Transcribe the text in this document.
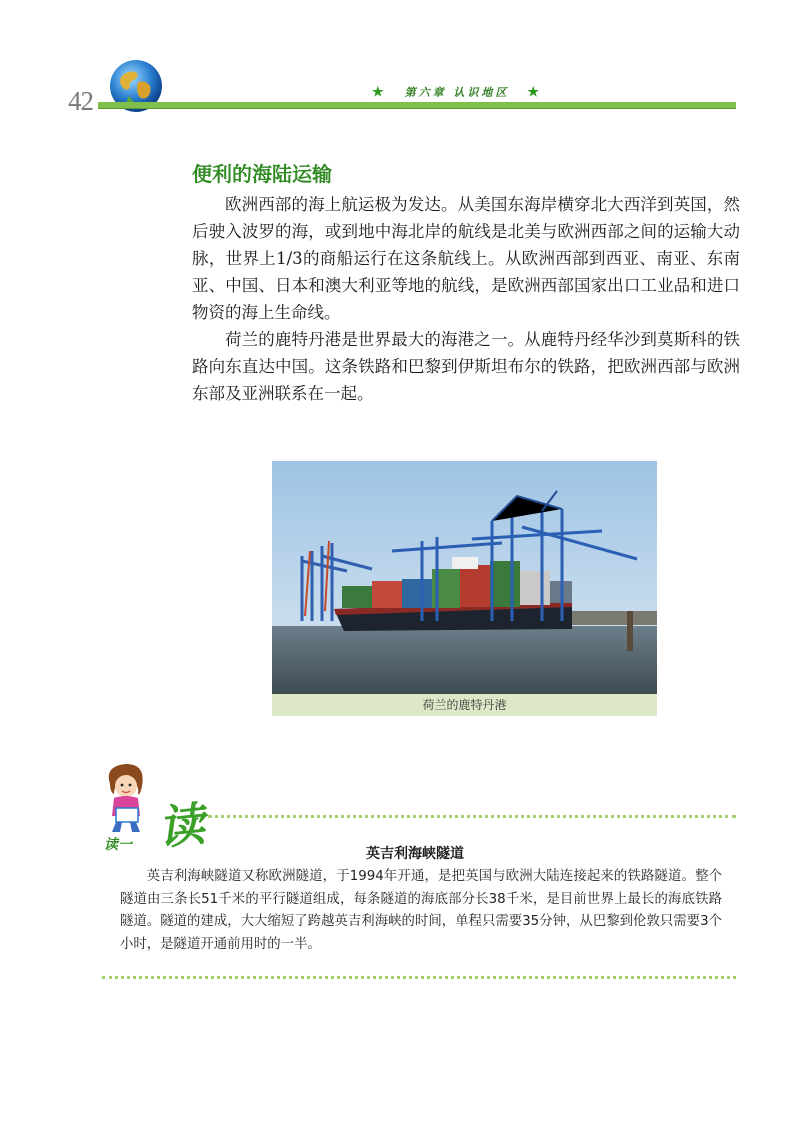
42	★ 第六章 认识地区 ★
便利的海陆运输

欧洲西部的海上航运极为发达。从美国东海岸横穿北大西洋到英国，然后驶入波罗的海，或到地中海北岸的航线是北美与欧洲西部之间的运输大动脉，世界上1/3的商船运行在这条航线上。从欧洲西部到西亚、南亚、东南亚、中国、日本和澳大利亚等地的航线，是欧洲西部国家出口工业品和进口物资的海上生命线。

荷兰的鹿特丹港是世界最大的海港之一。从鹿特丹经华沙到莫斯科的铁路向东直达中国。这条铁路和巴黎到伊斯坦布尔的铁路，把欧洲西部与欧洲东部及亚洲联系在一起。

荷兰的鹿特丹港
读一 读	英吉利海峡隧道

英吉利海峡隧道又称欧洲隧道，于1994年开通，是把英国与欧洲大陆连接起来的铁路隧道。整个隧道由三条长51千米的平行隧道组成，每条隧道的海底部分长38千米，是目前世界上最长的海底铁路隧道。隧道的建成，大大缩短了跨越英吉利海峡的时间，单程只需要35分钟，从巴黎到伦敦只需要3个小时，是隧道开通前用时的一半。
